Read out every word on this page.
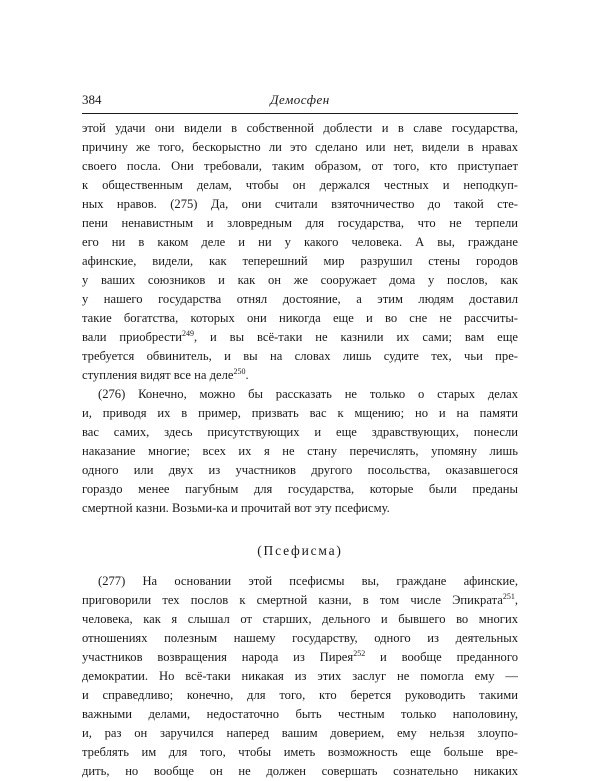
384	Демосфен
этой удачи они видели в собственной доблести и в славе государства,
причину же того, бескорыстно ли это сделано или нет, видели в нравах
своего посла. Они требовали, таким образом, от того, кто приступает
к общественным делам, чтобы он держался честных и неподкуп-
ных нравов. (275) Да, они считали взяточничество до такой сте-
пени ненавистным и зловредным для государства, что не терпели
его ни в каком деле и ни у какого человека. А вы, граждане
афинские, видели, как теперешний мир разрушил стены городов
у ваших союзников и как он же сооружает дома у послов, как
у нашего государства отнял достояние, а этим людям доставил
такие богатства, которых они никогда еще и во сне не рассчиты-
вали приобрести$^{249}$, и вы всё-таки не казнили их сами; вам еще
требуется обвинитель, и вы на словах лишь судите тех, чьи пре-
ступления видят все на деле$^{250}$.
(276) Конечно, можно бы рассказать не только о старых делах
и, приводя их в пример, призвать вас к мщению; но и на памяти
вас самих, здесь присутствующих и еще здравствующих, понесли
наказание многие; всех их я не стану перечислять, упомяну лишь
одного или двух из участников другого посольства, оказавшегося
гораздо менее пагубным для государства, которые были преданы
смертной казни. Возьми-ка и прочитай вот эту псефисму.
(Псефисма)
(277) На основании этой псефисмы вы, граждане афинские,
приговорили тех послов к смертной казни, в том числе Эпикрата$^{251}$,
человека, как я слышал от старших, дельного и бывшего во многих
отношениях полезным нашему государству, одного из деятельных
участников возвращения народа из Пирея$^{252}$ и вообще преданного
демократии. Но всё-таки никакая из этих заслуг не помогла ему —
и справедливо; конечно, для того, кто берется руководить такими
важными делами, недостаточно быть честным только наполовину,
и, раз он заручился наперед вашим доверием, ему нельзя злоупо-
треблять им для того, чтобы иметь возможность еще больше вре-
дить, но вообще он не должен совершать сознательно никаких
